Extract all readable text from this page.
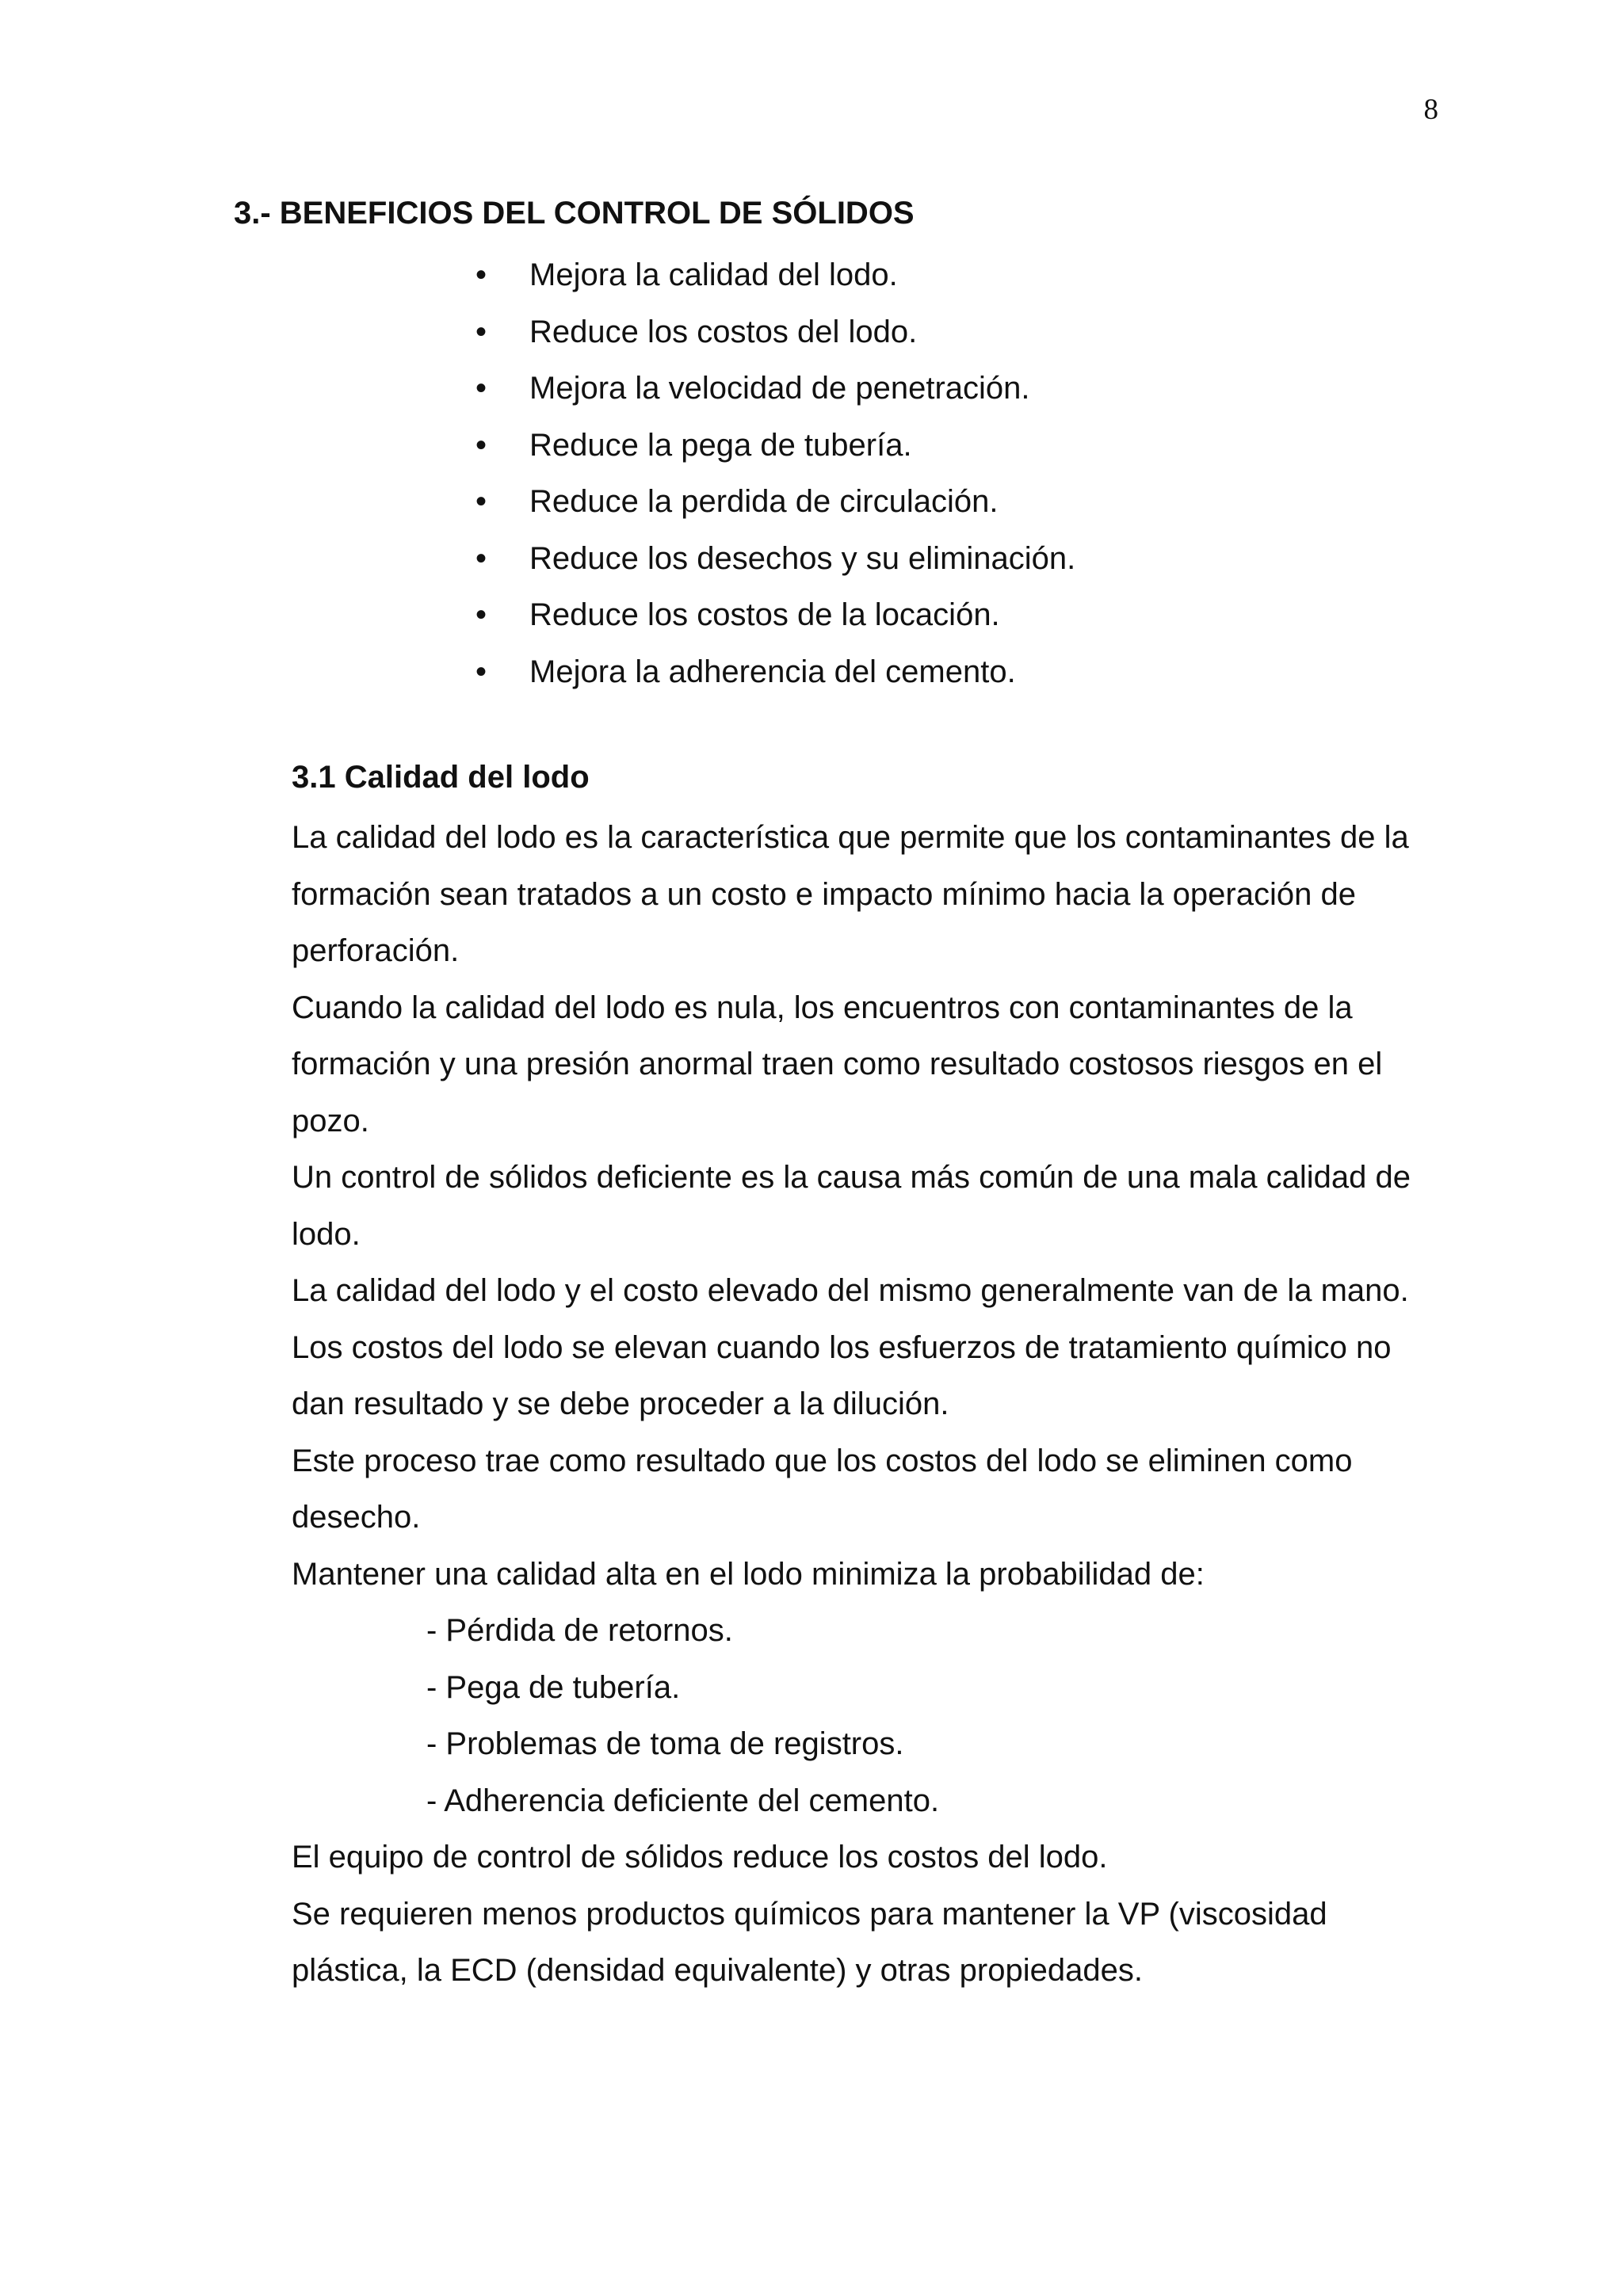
8
3.- BENEFICIOS DEL CONTROL DE SÓLIDOS
• Mejora la calidad del lodo.
• Reduce los costos del lodo.
• Mejora la velocidad de penetración.
• Reduce la pega de tubería.
• Reduce la perdida de circulación.
• Reduce los desechos y su eliminación.
• Reduce los costos de la locación.
• Mejora la adherencia del cemento.
3.1 Calidad del lodo

La calidad del lodo es la característica que permite que los contaminantes de la formación sean tratados a un costo e impacto mínimo hacia la operación de perforación.

Cuando la calidad del lodo es nula, los encuentros con contaminantes de la formación y una presión anormal traen como resultado costosos riesgos en el pozo.

Un control de sólidos deficiente es la causa más común de una mala calidad de lodo.

La calidad del lodo y el costo elevado del mismo generalmente van de la mano.

Los costos del lodo se elevan cuando los esfuerzos de tratamiento químico no dan resultado y se debe proceder a la dilución.

Este proceso trae como resultado que los costos del lodo se eliminen como desecho.

Mantener una calidad alta en el lodo minimiza la probabilidad de:

- Pérdida de retornos.
- Pega de tubería.
- Problemas de toma de registros.
- Adherencia deficiente del cemento.

El equipo de control de sólidos reduce los costos del lodo.

Se requieren menos productos químicos para mantener la VP (viscosidad plástica, la ECD (densidad equivalente) y otras propiedades.
